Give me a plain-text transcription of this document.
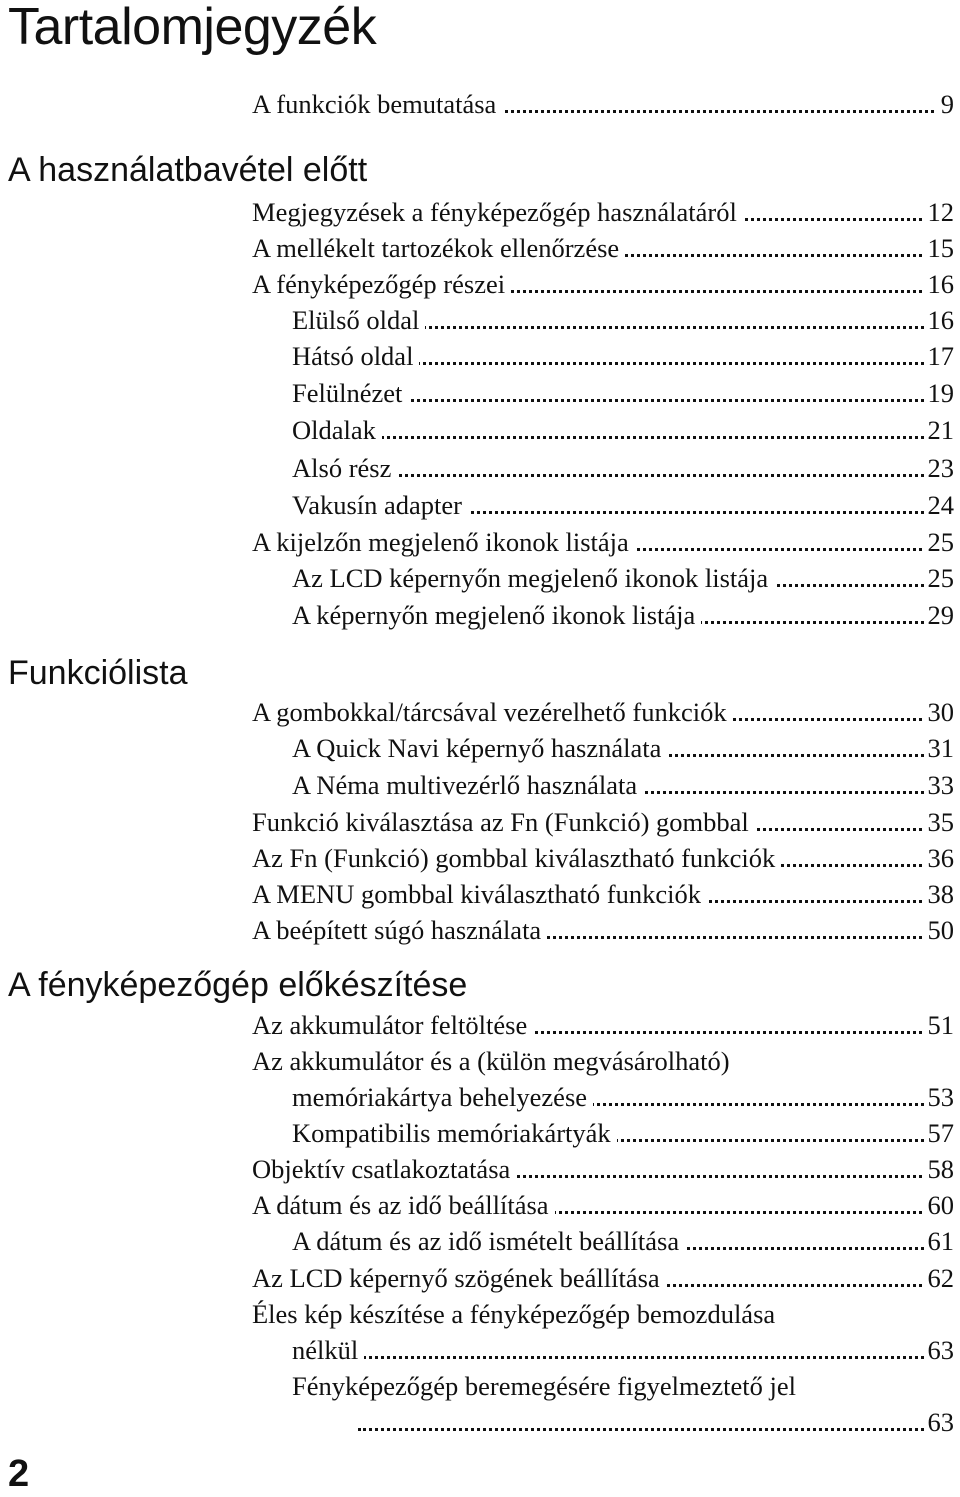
Tartalomjegyzék
A funkciók bemutatása	9
A használatbavétel előtt
Megjegyzések a fényképezőgép használatáról	12
A mellékelt tartozékok ellenőrzése	15
A fényképezőgép részei	16
Elülső oldal	16
Hátsó oldal	17
Felülnézet	19
Oldalak	21
Alsó rész	23
Vakusín adapter	24
A kijelzőn megjelenő ikonok listája	25
Az LCD képernyőn megjelenő ikonok listája	25
A képernyőn megjelenő ikonok listája	29
Funkciólista
A gombokkal/tárcsával vezérelhető funkciók	30
A Quick Navi képernyő használata	31
A Néma multivezérlő használata	33
Funkció kiválasztása az Fn (Funkció) gombbal	35
Az Fn (Funkció) gombbal kiválasztható funkciók	36
A MENU gombbal kiválasztható funkciók	38
A beépített súgó használata	50
A fényképezőgép előkészítése
Az akkumulátor feltöltése	51
Az akkumulátor és a (külön megvásárolható)
memóriakártya behelyezése	53
Kompatibilis memóriakártyák	57
Objektív csatlakoztatása	58
A dátum és az idő beállítása	60
A dátum és az idő ismételt beállítása	61
Az LCD képernyő szögének beállítása	62
Éles kép készítése a fényképezőgép bemozdulása
nélkül	63
Fényképezőgép beremegésére figyelmeztető jel
63
2
